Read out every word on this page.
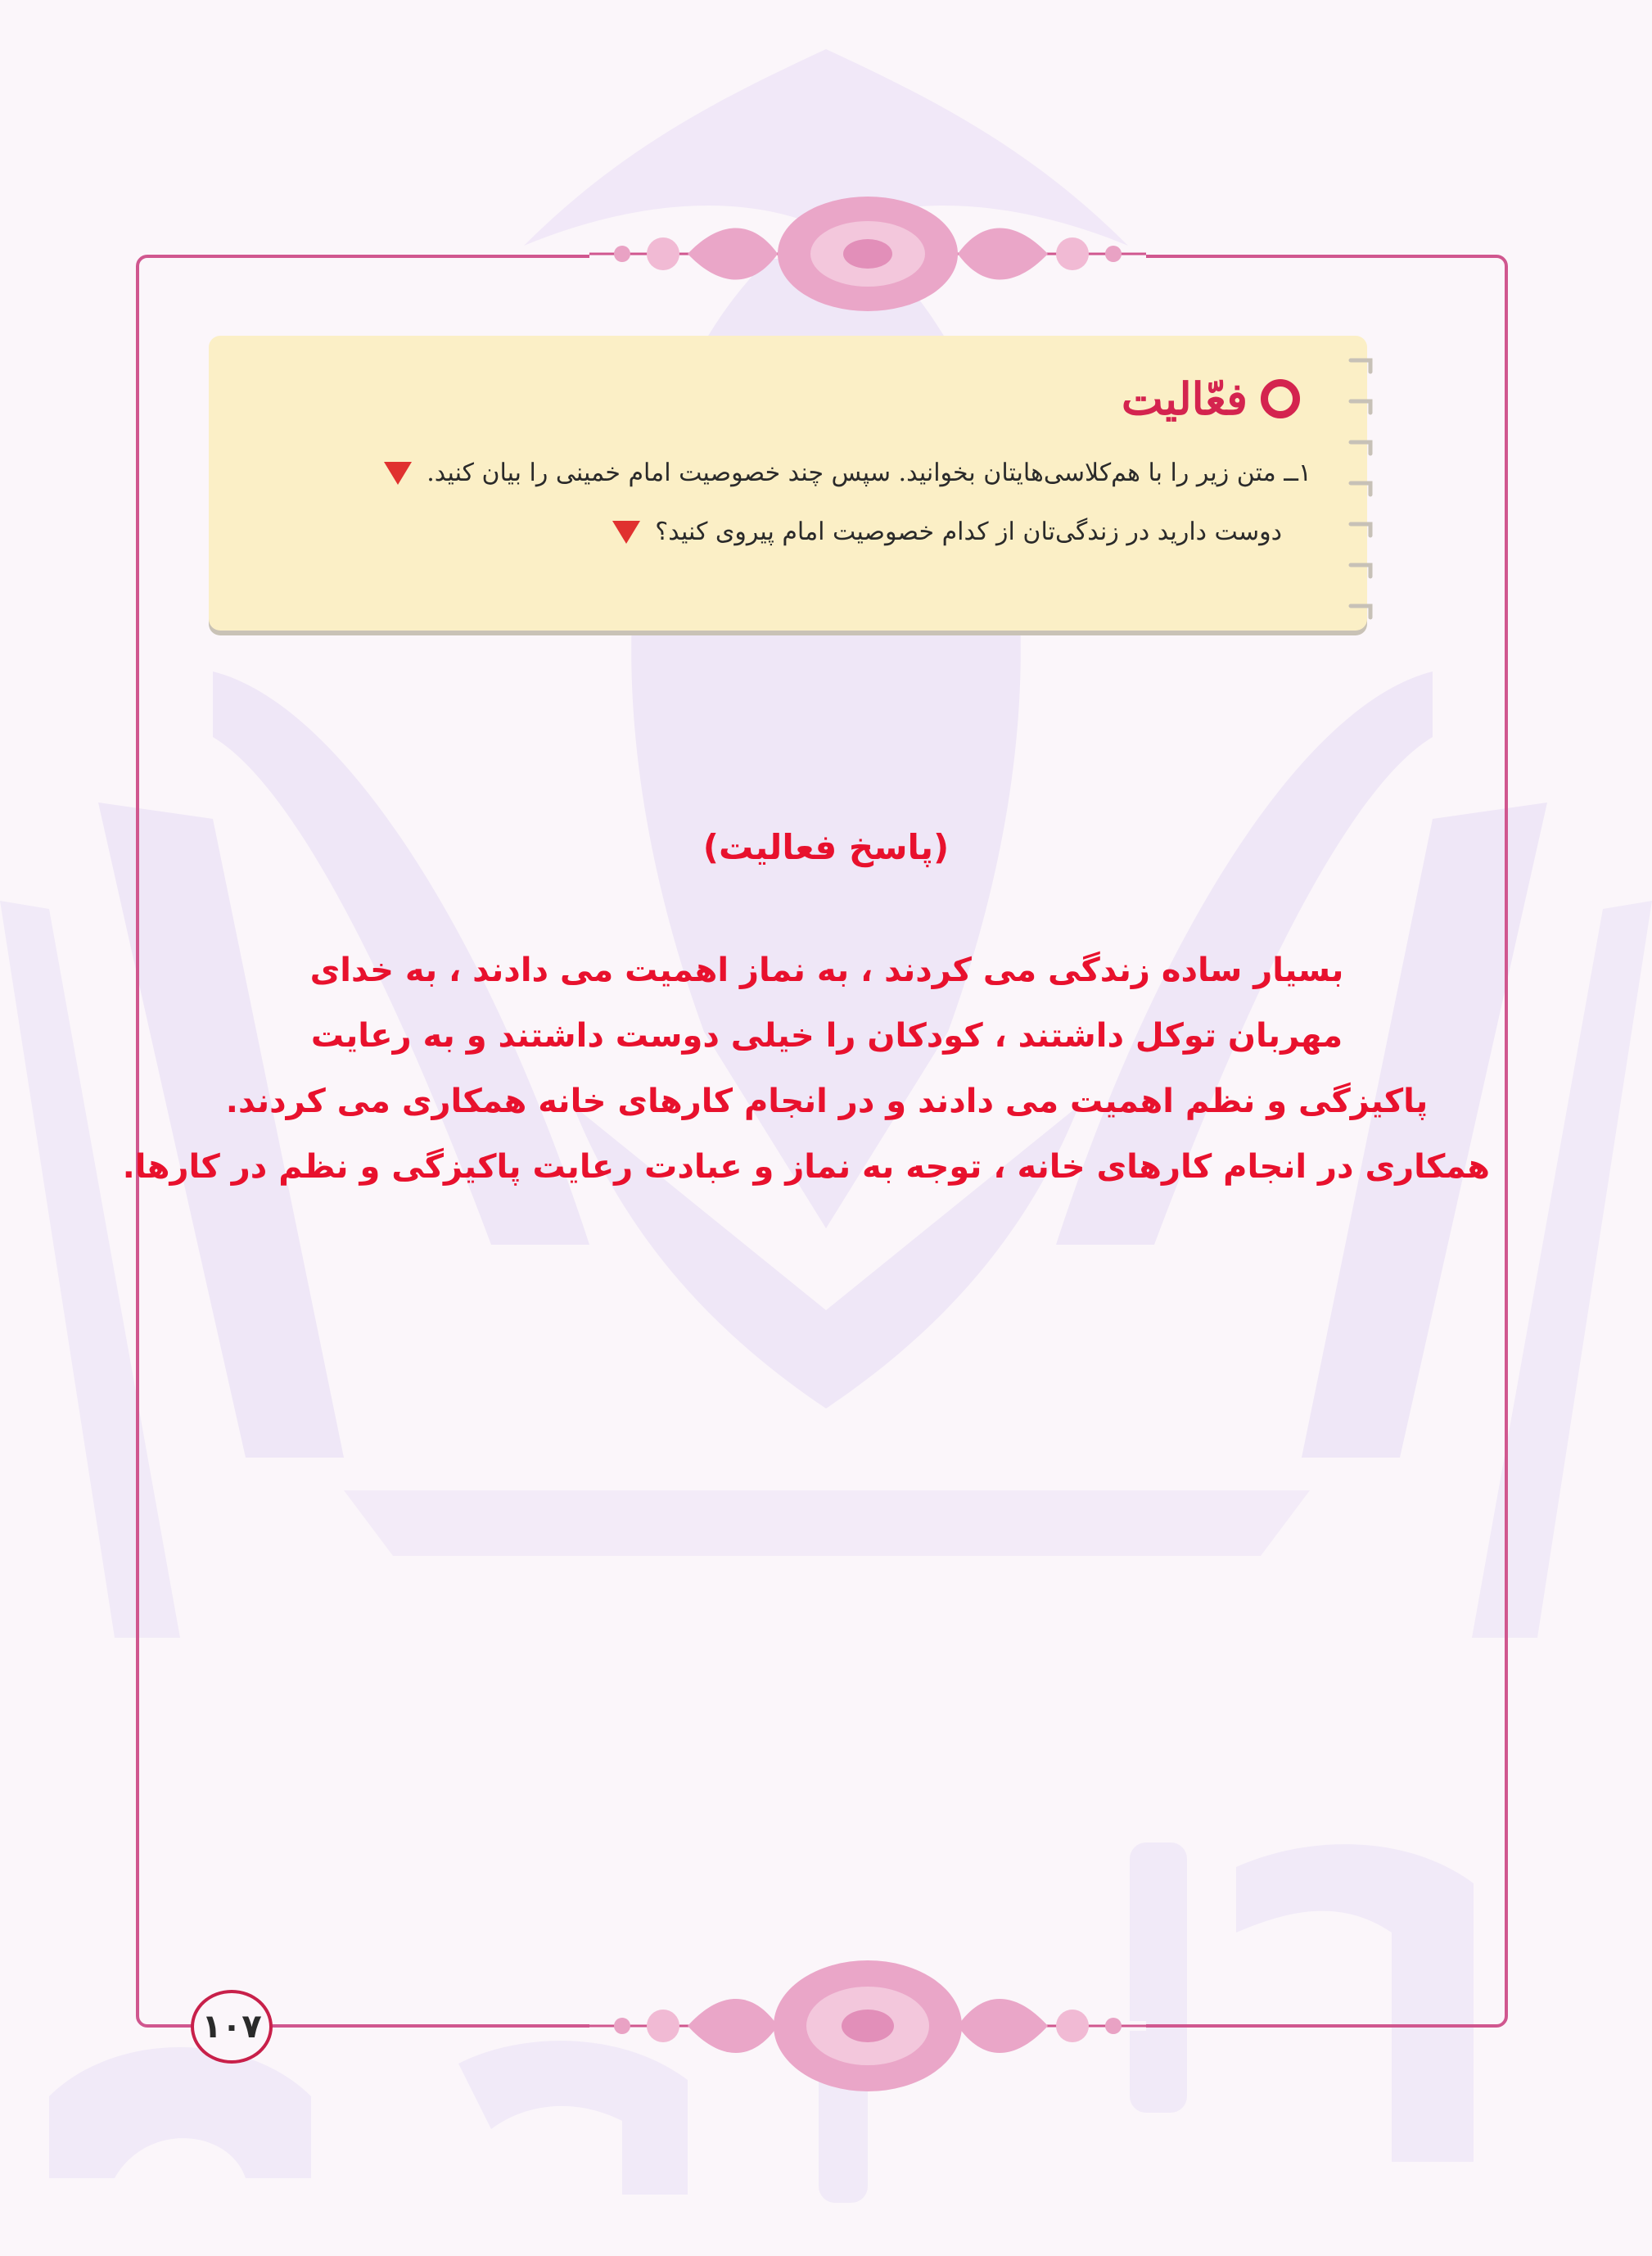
فعّالیت
۱ــ متن زیر را با هم‌کلاسی‌هایتان بخوانید. سپس چند خصوصیت امام خمینی را بیان کنید.
دوست دارید در زندگی‌تان از کدام خصوصیت امام پیروی کنید؟
(پاسخ فعالیت)
بسیار ساده زندگی می کردند ، به نماز اهمیت می دادند ، به خدای
مهربان توکل داشتند ، کودکان را خیلی دوست داشتند و به رعایت
پاکیزگی و نظم اهمیت می دادند و در انجام کارهای خانه همکاری می کردند.
همکاری در انجام کارهای خانه ، توجه به نماز و عبادت رعایت پاکیزگی و نظم در کارها.
۱۰۷
